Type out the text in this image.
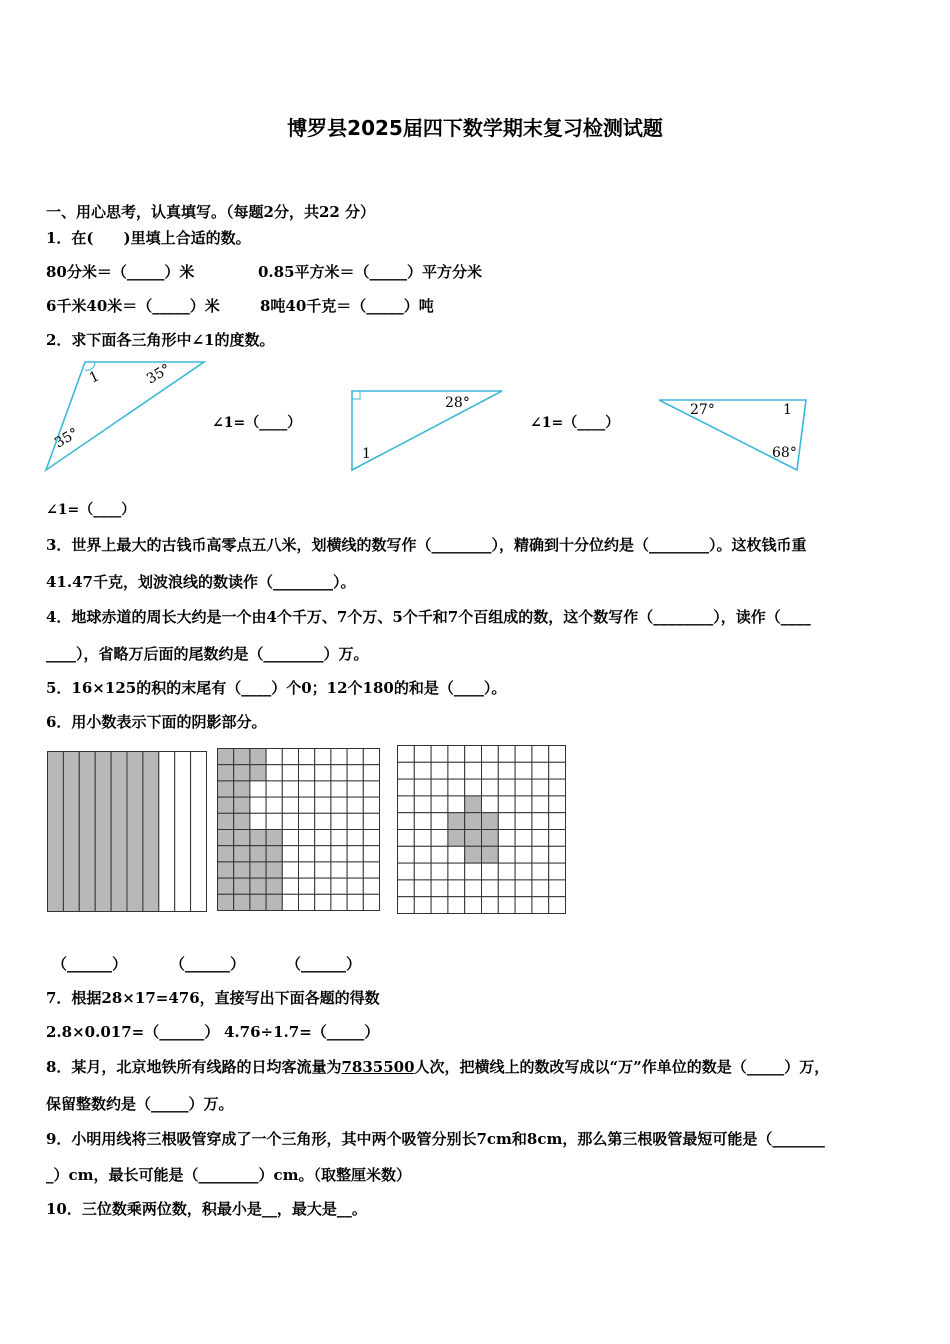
博罗县2025届四下数学期末复习检测试题
一、用心思考，认真填写。（每题2分，共22 分）
1．在(　　)里填上合适的数。
80分米＝（_____）米	0.85平方米＝（_____）平方分米
6千米40米＝（_____）米	8吨40千克＝（_____）吨
2．求下面各三角形中∠1的度数。
1	35°
35°
28°
1
27°	1
68°
∠1=（____）	∠1=（____）
∠1=（____）
3．世界上最大的古钱币高零点五八米，划横线的数写作（________），精确到十分位约是（________）。这枚钱币重
41.47千克，划波浪线的数读作（________）。
4．地球赤道的周长大约是一个由4个千万、7个万、5个千和7个百组成的数，这个数写作（________），读作（____
____），省略万后面的尾数约是（________）万。
5．16×125的积的末尾有（____）个0；12个180的和是（____）。
6．用小数表示下面的阴影部分。
（______）	（______）	（______）
7．根据28×17=476，直接写出下面各题的得数
2.8×0.017=（______） 4.76÷1.7=（_____）
8．某月，北京地铁所有线路的日均客流量为7835500人次，把横线上的数改写成以“万”作单位的数是（_____）万，
保留整数约是（_____）万。
9．小明用线将三根吸管穿成了一个三角形，其中两个吸管分别长7cm和8cm，那么第三根吸管最短可能是（_______
_）cm，最长可能是（________）cm。（取整厘米数）
10．三位数乘两位数，积最小是__，最大是__。
